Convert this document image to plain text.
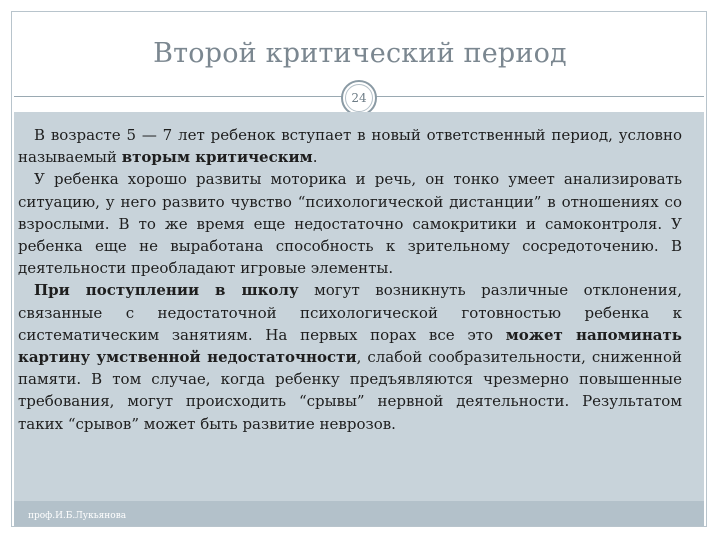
Второй критический период
24

В возрасте 5 — 7 лет ребенок вступает в новый ответственный период, условно называемый вторым критическим.

У ребенка хорошо развиты моторика и речь, он тонко умеет анализировать ситуацию, у него развито чувство “психологической дистанции” в отношениях со взрослыми. В то же время еще недостаточно самокритики и самоконтроля. У ребенка еще не выработана способность к зрительному сосредоточению. В деятельности преобладают игровые элементы.

При поступлении в школу могут возникнуть различные отклонения, связанные с недостаточной психологической готовностью ребенка к систематическим занятиям. На первых порах все это может напоминать картину умственной недостаточности, слабой сообразительности, сниженной памяти. В том случае, когда ребенку предъявляются чрезмерно повышенные требования, могут происходить “срывы” нервной деятельности. Результатом таких “срывов” может быть развитие неврозов.

проф.И.Б.Лукьянова
